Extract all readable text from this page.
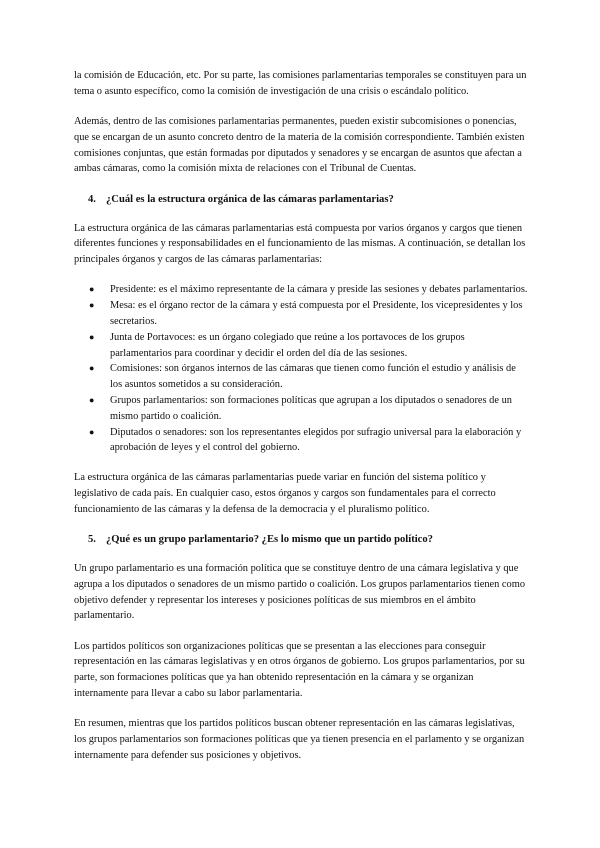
la comisión de Educación, etc. Por su parte, las comisiones parlamentarias temporales se constituyen para un tema o asunto específico, como la comisión de investigación de una crisis o escándalo político.

Además, dentro de las comisiones parlamentarias permanentes, pueden existir subcomisiones o ponencias, que se encargan de un asunto concreto dentro de la materia de la comisión correspondiente. También existen comisiones conjuntas, que están formadas por diputados y senadores y se encargan de asuntos que afectan a ambas cámaras, como la comisión mixta de relaciones con el Tribunal de Cuentas.

4. ¿Cuál es la estructura orgánica de las cámaras parlamentarias?

La estructura orgánica de las cámaras parlamentarias está compuesta por varios órganos y cargos que tienen diferentes funciones y responsabilidades en el funcionamiento de las mismas. A continuación, se detallan los principales órganos y cargos de las cámaras parlamentarias:

● Presidente: es el máximo representante de la cámara y preside las sesiones y debates parlamentarios.
● Mesa: es el órgano rector de la cámara y está compuesta por el Presidente, los vicepresidentes y los secretarios.
● Junta de Portavoces: es un órgano colegiado que reúne a los portavoces de los grupos parlamentarios para coordinar y decidir el orden del día de las sesiones.
● Comisiones: son órganos internos de las cámaras que tienen como función el estudio y análisis de los asuntos sometidos a su consideración.
● Grupos parlamentarios: son formaciones políticas que agrupan a los diputados o senadores de un mismo partido o coalición.
● Diputados o senadores: son los representantes elegidos por sufragio universal para la elaboración y aprobación de leyes y el control del gobierno.

La estructura orgánica de las cámaras parlamentarias puede variar en función del sistema político y legislativo de cada país. En cualquier caso, estos órganos y cargos son fundamentales para el correcto funcionamiento de las cámaras y la defensa de la democracia y el pluralismo político.

5. ¿Qué es un grupo parlamentario? ¿Es lo mismo que un partido político?

Un grupo parlamentario es una formación política que se constituye dentro de una cámara legislativa y que agrupa a los diputados o senadores de un mismo partido o coalición. Los grupos parlamentarios tienen como objetivo defender y representar los intereses y posiciones políticas de sus miembros en el ámbito parlamentario.

Los partidos políticos son organizaciones políticas que se presentan a las elecciones para conseguir representación en las cámaras legislativas y en otros órganos de gobierno. Los grupos parlamentarios, por su parte, son formaciones políticas que ya han obtenido representación en la cámara y se organizan internamente para llevar a cabo su labor parlamentaria.

En resumen, mientras que los partidos políticos buscan obtener representación en las cámaras legislativas, los grupos parlamentarios son formaciones políticas que ya tienen presencia en el parlamento y se organizan internamente para defender sus posiciones y objetivos.
